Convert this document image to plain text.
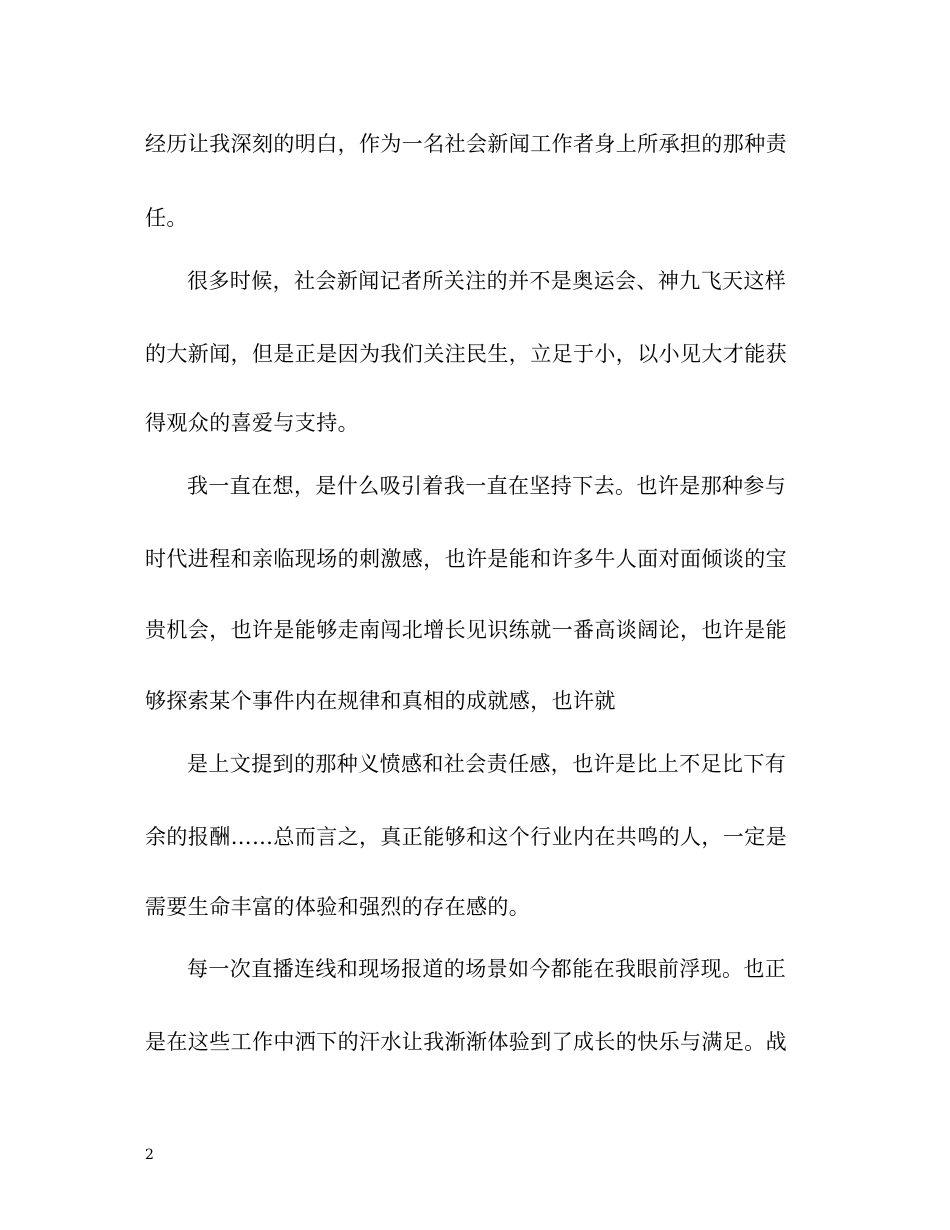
经历让我深刻的明白，作为一名社会新闻工作者身上所承担的那种责
任。
很多时候，社会新闻记者所关注的并不是奥运会、神九飞天这样
的大新闻，但是正是因为我们关注民生，立足于小，以小见大才能获
得观众的喜爱与支持。
我一直在想，是什么吸引着我一直在坚持下去。也许是那种参与
时代进程和亲临现场的刺激感，也许是能和许多牛人面对面倾谈的宝
贵机会，也许是能够走南闯北增长见识练就一番高谈阔论，也许是能
够探索某个事件内在规律和真相的成就感，也许就
是上文提到的那种义愤感和社会责任感，也许是比上不足比下有
余的报酬……总而言之，真正能够和这个行业内在共鸣的人，一定是
需要生命丰富的体验和强烈的存在感的。
每一次直播连线和现场报道的场景如今都能在我眼前浮现。也正
是在这些工作中洒下的汗水让我渐渐体验到了成长的快乐与满足。战
2
